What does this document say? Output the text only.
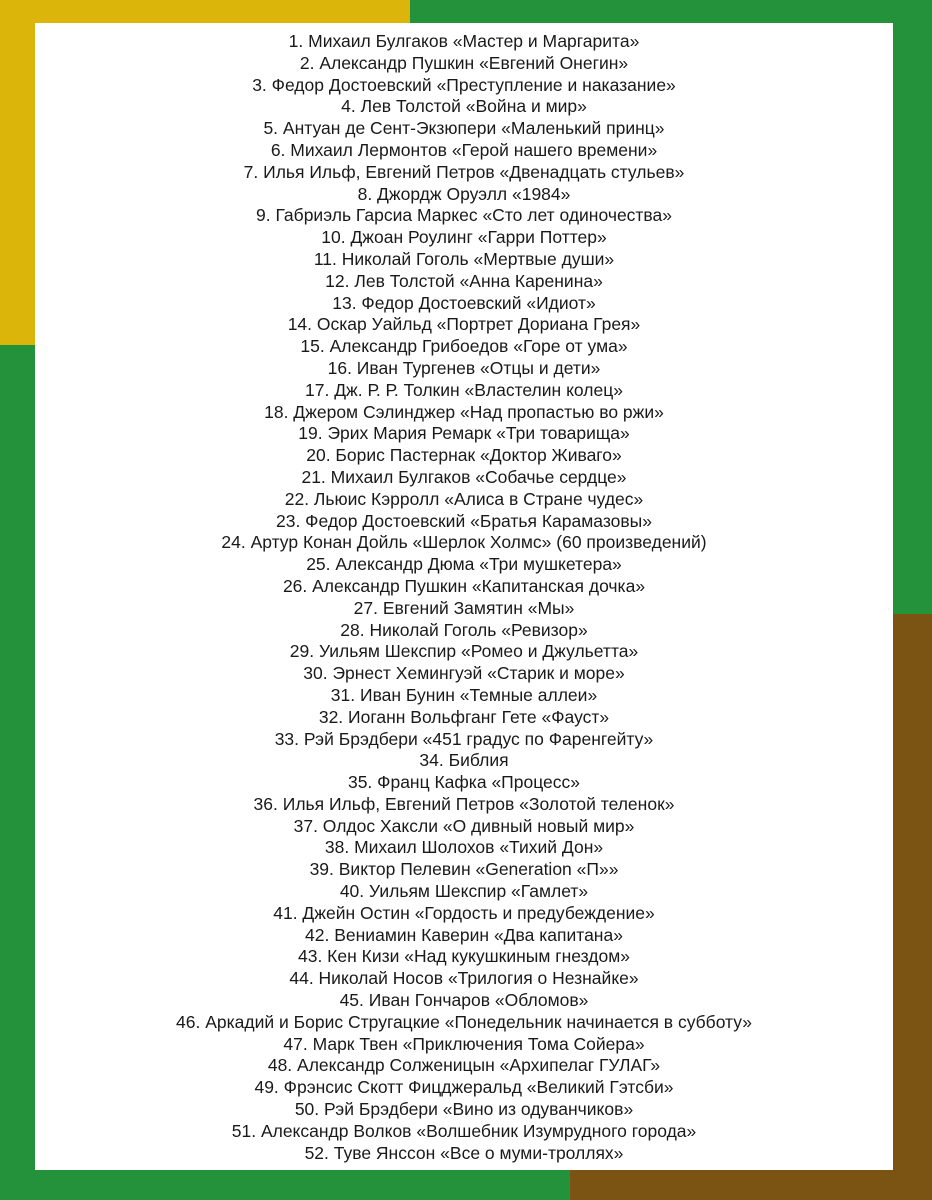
1. Михаил Булгаков «Мастер и Маргарита»
2. Александр Пушкин «Евгений Онегин»
3. Федор Достоевский «Преступление и наказание»
4. Лев Толстой «Война и мир»
5. Антуан де Сент-Экзюпери «Маленький принц»
6. Михаил Лермонтов «Герой нашего времени»
7. Илья Ильф, Евгений Петров «Двенадцать стульев»
8. Джордж Оруэлл «1984»
9. Габриэль Гарсиа Маркес «Сто лет одиночества»
10. Джоан Роулинг «Гарри Поттер»
11. Николай Гоголь «Мертвые души»
12. Лев Толстой «Анна Каренина»
13. Федор Достоевский «Идиот»
14. Оскар Уайльд «Портрет Дориана Грея»
15. Александр Грибоедов «Горе от ума»
16. Иван Тургенев «Отцы и дети»
17. Дж. Р. Р. Толкин «Властелин колец»
18. Джером Сэлинджер «Над пропастью во ржи»
19. Эрих Мария Ремарк «Три товарища»
20. Борис Пастернак «Доктор Живаго»
21. Михаил Булгаков «Собачье сердце»
22. Льюис Кэрролл «Алиса в Стране чудес»
23. Федор Достоевский «Братья Карамазовы»
24. Артур Конан Дойль «Шерлок Холмс» (60 произведений)
25. Александр Дюма «Три мушкетера»
26. Александр Пушкин «Капитанская дочка»
27. Евгений Замятин «Мы»
28. Николай Гоголь «Ревизор»
29. Уильям Шекспир «Ромео и Джульетта»
30. Эрнест Хемингуэй «Старик и море»
31. Иван Бунин «Темные аллеи»
32. Иоганн Вольфганг Гете «Фауст»
33. Рэй Брэдбери «451 градус по Фаренгейту»
34. Библия
35. Франц Кафка «Процесс»
36. Илья Ильф, Евгений Петров «Золотой теленок»
37. Олдос Хаксли «О дивный новый мир»
38. Михаил Шолохов «Тихий Дон»
39. Виктор Пелевин «Generation «П»»
40. Уильям Шекспир «Гамлет»
41. Джейн Остин «Гордость и предубеждение»
42. Вениамин Каверин «Два капитана»
43. Кен Кизи «Над кукушкиным гнездом»
44. Николай Носов «Трилогия о Незнайке»
45. Иван Гончаров «Обломов»
46. Аркадий и Борис Стругацкие «Понедельник начинается в субботу»
47. Марк Твен «Приключения Тома Сойера»
48. Александр Солженицын «Архипелаг ГУЛАГ»
49. Фрэнсис Скотт Фицджеральд «Великий Гэтсби»
50. Рэй Брэдбери «Вино из одуванчиков»
51. Александр Волков «Волшебник Изумрудного города»
52. Туве Янссон «Все о муми-троллях»
